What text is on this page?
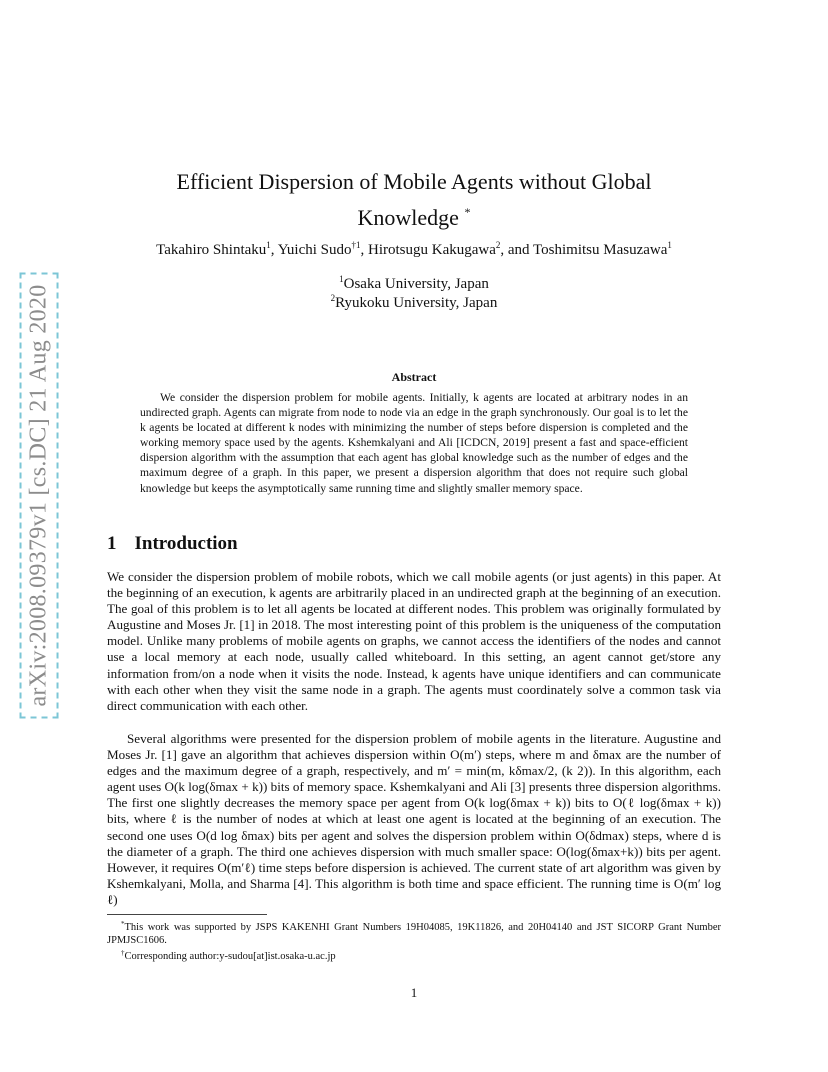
arXiv:2008.09379v1 [cs.DC] 21 Aug 2020
Efficient Dispersion of Mobile Agents without Global Knowledge *
Takahiro Shintaku$^1$, Yuichi Sudo$^{\dagger 1}$, Hirotsugu Kakugawa$^2$, and Toshimitsu Masuzawa$^1$
$^1$Osaka University, Japan
$^2$Ryukoku University, Japan
Abstract
We consider the dispersion problem for mobile agents. Initially, k agents are located at arbitrary nodes in an undirected graph. Agents can migrate from node to node via an edge in the graph synchronously. Our goal is to let the k agents be located at different k nodes with minimizing the number of steps before dispersion is completed and the working memory space used by the agents. Kshemkalyani and Ali [ICDCN, 2019] present a fast and space-efficient dispersion algorithm with the assumption that each agent has global knowledge such as the number of edges and the maximum degree of a graph. In this paper, we present a dispersion algorithm that does not require such global knowledge but keeps the asymptotically same running time and slightly smaller memory space.
1 Introduction
We consider the dispersion problem of mobile robots, which we call mobile agents (or just agents) in this paper. At the beginning of an execution, k agents are arbitrarily placed in an undirected graph at the beginning of an execution. The goal of this problem is to let all agents be located at different nodes. This problem was originally formulated by Augustine and Moses Jr. [1] in 2018. The most interesting point of this problem is the uniqueness of the computation model. Unlike many problems of mobile agents on graphs, we cannot access the identifiers of the nodes and cannot use a local memory at each node, usually called whiteboard. In this setting, an agent cannot get/store any information from/on a node when it visits the node. Instead, k agents have unique identifiers and can communicate with each other when they visit the same node in a graph. The agents must coordinately solve a common task via direct communication with each other.
Several algorithms were presented for the dispersion problem of mobile agents in the literature. Augustine and Moses Jr. [1] gave an algorithm that achieves dispersion within O(m′) steps, where m and δmax are the number of edges and the maximum degree of a graph, respectively, and m′ = min(m, kδmax/2, (k 2)). In this algorithm, each agent uses O(k log(δmax + k)) bits of memory space. Kshemkalyani and Ali [3] presents three dispersion algorithms. The first one slightly decreases the memory space per agent from O(k log(δmax + k)) bits to O(ℓ log(δmax + k)) bits, where ℓ is the number of nodes at which at least one agent is located at the beginning of an execution. The second one uses O(d log δmax) bits per agent and solves the dispersion problem within O(δdmax) steps, where d is the diameter of a graph. The third one achieves dispersion with much smaller space: O(log(δmax+k)) bits per agent. However, it requires O(m′ℓ) time steps before dispersion is achieved. The current state of art algorithm was given by Kshemkalyani, Molla, and Sharma [4]. This algorithm is both time and space efficient. The running time is O(m′ log ℓ)

*This work was supported by JSPS KAKENHI Grant Numbers 19H04085, 19K11826, and 20H04140 and JST SICORP Grant Number JPMJSC1606.

†Corresponding author:y-sudou[at]ist.osaka-u.ac.jp

1
